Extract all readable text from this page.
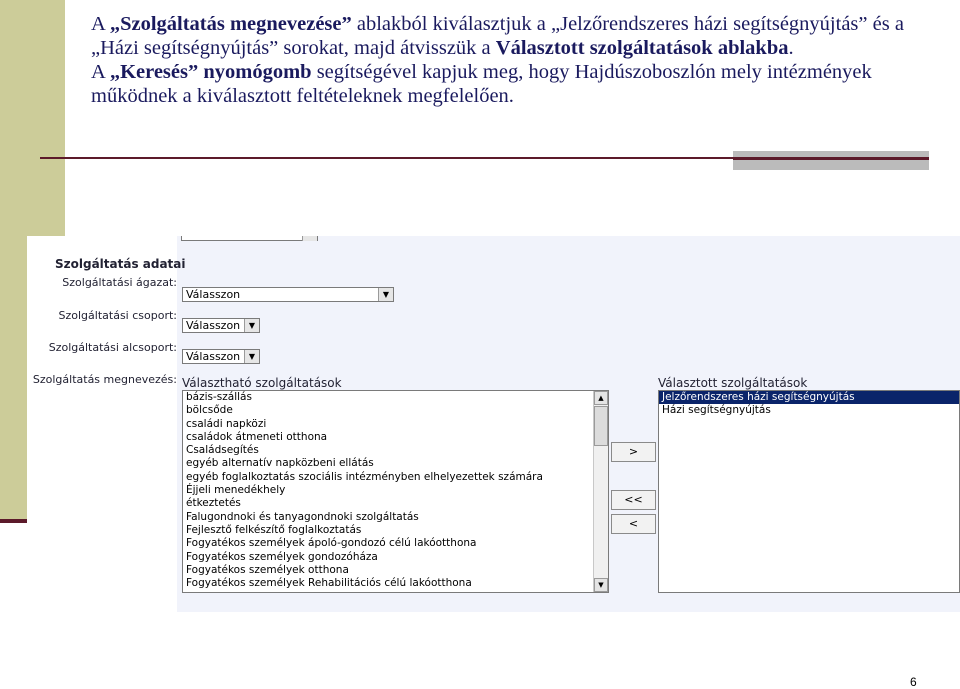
A „Szolgáltatás megnevezése” ablakból kiválasztjuk a „Jelzőrendszeres házi segítségnyújtás” és a „Házi segítségnyújtás” sorokat, majd átvisszük a Választott szolgáltatások ablakba.

A „Keresés” nyomógomb segítségével kapjuk meg, hogy Hajdúszoboszlón mely intézmények működnek a kiválasztott feltételeknek megfelelően.

Szolgáltatás adatai
Szolgáltatási ágazat:
Válasszon	▼
Szolgáltatási csoport:
Válasszon	▼
Szolgáltatási alcsoport:
Válasszon	▼
Szolgáltatás megnevezés: Választható szolgáltatások
bázis-szállás
bölcsőde
családi napközi
családok átmeneti otthona
Családsegítés
egyéb alternatív napközbeni ellátás
egyéb foglalkoztatás szociális intézményben elhelyezettek számára
Éjjeli menedékhely
étkeztetés
Falugondnoki és tanyagondnoki szolgáltatás
Fejlesztő felkészítő foglalkoztatás
Fogyatékos személyek ápoló-gondozó célú lakóotthona
Fogyatékos személyek gondozóháza
Fogyatékos személyek otthona
Fogyatékos személyek Rehabilitációs célú lakóotthona
▲
▼
>
<<
<
Választott szolgáltatások
Jelzőrendszeres házi segítségnyújtás
Házi segítségnyújtás
6
